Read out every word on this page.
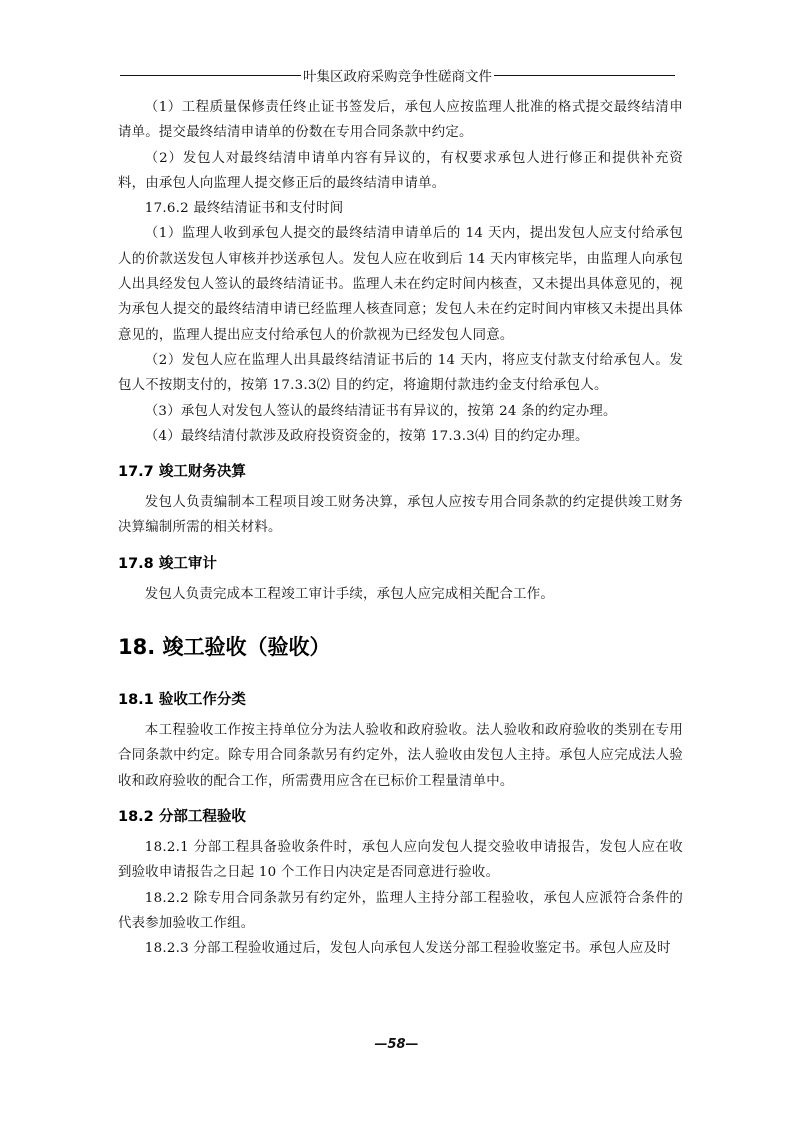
叶集区政府采购竞争性磋商文件

（1）工程质量保修责任终止证书签发后，承包人应按监理人批准的格式提交最终结清申请单。提交最终结清申请单的份数在专用合同条款中约定。

（2）发包人对最终结清申请单内容有异议的，有权要求承包人进行修正和提供补充资料，由承包人向监理人提交修正后的最终结清申请单。

17.6.2 最终结清证书和支付时间

（1）监理人收到承包人提交的最终结清申请单后的 14 天内，提出发包人应支付给承包人的价款送发包人审核并抄送承包人。发包人应在收到后 14 天内审核完毕，由监理人向承包人出具经发包人签认的最终结清证书。监理人未在约定时间内核查，又未提出具体意见的，视为承包人提交的最终结清申请已经监理人核查同意；发包人未在约定时间内审核又未提出具体意见的，监理人提出应支付给承包人的价款视为已经发包人同意。

（2）发包人应在监理人出具最终结清证书后的 14 天内，将应支付款支付给承包人。发包人不按期支付的，按第 17.3.3⑵ 目的约定，将逾期付款违约金支付给承包人。

（3）承包人对发包人签认的最终结清证书有异议的，按第 24 条的约定办理。

（4）最终结清付款涉及政府投资资金的，按第 17.3.3⑷ 目的约定办理。

17.7 竣工财务决算

发包人负责编制本工程项目竣工财务决算，承包人应按专用合同条款的约定提供竣工财务决算编制所需的相关材料。

17.8 竣工审计

发包人负责完成本工程竣工审计手续，承包人应完成相关配合工作。

18. 竣工验收（验收）
18.1 验收工作分类

本工程验收工作按主持单位分为法人验收和政府验收。法人验收和政府验收的类别在专用合同条款中约定。除专用合同条款另有约定外，法人验收由发包人主持。承包人应完成法人验收和政府验收的配合工作，所需费用应含在已标价工程量清单中。

18.2 分部工程验收

18.2.1 分部工程具备验收条件时，承包人应向发包人提交验收申请报告，发包人应在收到验收申请报告之日起 10 个工作日内决定是否同意进行验收。

18.2.2 除专用合同条款另有约定外，监理人主持分部工程验收，承包人应派符合条件的代表参加验收工作组。

18.2.3 分部工程验收通过后，发包人向承包人发送分部工程验收鉴定书。承包人应及时

—58—
